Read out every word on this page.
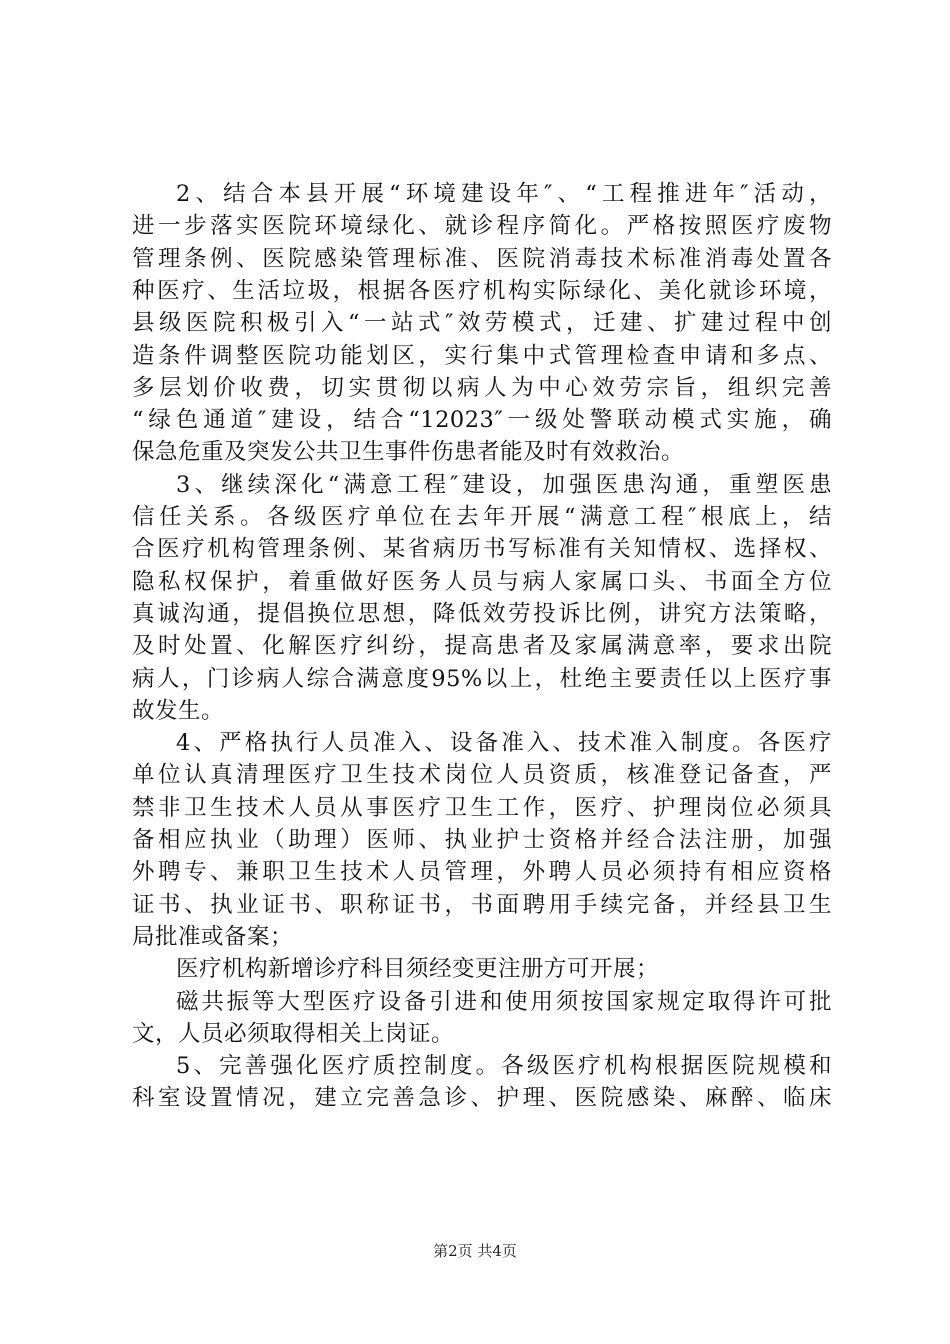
2、结合本县开展“环境建设年″、“工程推进年″活动，
进一步落实医院环境绿化、就诊程序简化。严格按照医疗废物
管理条例、医院感染管理标准、医院消毒技术标准消毒处置各
种医疗、生活垃圾，根据各医疗机构实际绿化、美化就诊环境，
县级医院积极引入“一站式″效劳模式，迁建、扩建过程中创
造条件调整医院功能划区，实行集中式管理检查申请和多点、
多层划价收费，切实贯彻以病人为中心效劳宗旨，组织完善
“绿色通道″建设，结合“12023″一级处警联动模式实施，确
保急危重及突发公共卫生事件伤患者能及时有效救治。
3、继续深化“满意工程″建设，加强医患沟通，重塑医患
信任关系。各级医疗单位在去年开展“满意工程″根底上，结
合医疗机构管理条例、某省病历书写标准有关知情权、选择权、
隐私权保护，着重做好医务人员与病人家属口头、书面全方位
真诚沟通，提倡换位思想，降低效劳投诉比例，讲究方法策略，
及时处置、化解医疗纠纷，提高患者及家属满意率，要求出院
病人，门诊病人综合满意度95%以上，杜绝主要责任以上医疗事
故发生。
4、严格执行人员准入、设备准入、技术准入制度。各医疗
单位认真清理医疗卫生技术岗位人员资质，核准登记备查，严
禁非卫生技术人员从事医疗卫生工作，医疗、护理岗位必须具
备相应执业（助理）医师、执业护士资格并经合法注册，加强
外聘专、兼职卫生技术人员管理，外聘人员必须持有相应资格
证书、执业证书、职称证书，书面聘用手续完备，并经县卫生
局批准或备案；
医疗机构新增诊疗科目须经变更注册方可开展；
磁共振等大型医疗设备引进和使用须按国家规定取得许可批
文，人员必须取得相关上岗证。
5、完善强化医疗质控制度。各级医疗机构根据医院规模和
科室设置情况，建立完善急诊、护理、医院感染、麻醉、临床
第2页 共4页
